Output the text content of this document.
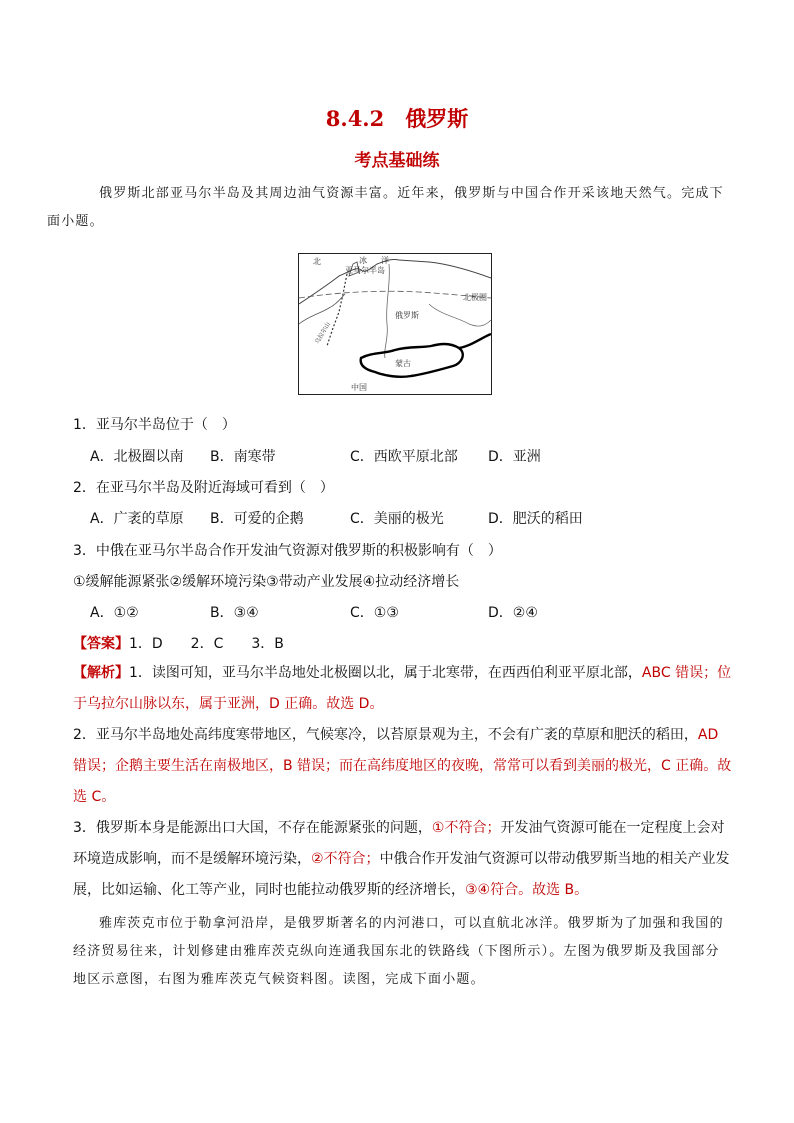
8.4.2　俄罗斯
考点基础练
俄罗斯北部亚马尔半岛及其周边油气资源丰富。近年来，俄罗斯与中国合作开采该地天然气。完成下
面小题。
北	冰 洋
亚马尔半岛
北极圈
俄罗斯
蒙古
中国
乌拉尔山
1．亚马尔半岛位于（　）
A．北极圈以南 B．南寒带	C．西欧平原北部 D．亚洲
2．在亚马尔半岛及附近海域可看到（　）
A．广袤的草原 B．可爱的企鹅	C．美丽的极光	D．肥沃的稻田
3．中俄在亚马尔半岛合作开发油气资源对俄罗斯的积极影响有（　）
①缓解能源紧张②缓解环境污染③带动产业发展④拉动经济增长
A．①②	B．③④	C．①③	D．②④
【答案】1．D　　2．C　　3．B

【解析】1．读图可知，亚马尔半岛地处北极圈以北，属于北寒带，在西西伯利亚平原北部，ABC 错误；位于乌拉尔山脉以东，属于亚洲，D 正确。故选 D。

2．亚马尔半岛地处高纬度寒带地区，气候寒冷，以苔原景观为主，不会有广袤的草原和肥沃的稻田，AD 错误；企鹅主要生活在南极地区，B 错误；而在高纬度地区的夜晚，常常可以看到美丽的极光，C 正确。故选 C。

3．俄罗斯本身是能源出口大国，不存在能源紧张的问题，①不符合；开发油气资源可能在一定程度上会对环境造成影响，而不是缓解环境污染，②不符合；中俄合作开发油气资源可以带动俄罗斯当地的相关产业发展，比如运输、化工等产业，同时也能拉动俄罗斯的经济增长，③④符合。故选 B。

雅库茨克市位于勒拿河沿岸，是俄罗斯著名的内河港口，可以直航北冰洋。俄罗斯为了加强和我国的经济贸易往来，计划修建由雅库茨克纵向连通我国东北的铁路线（下图所示）。左图为俄罗斯及我国部分地区示意图，右图为雅库茨克气候资料图。读图，完成下面小题。
